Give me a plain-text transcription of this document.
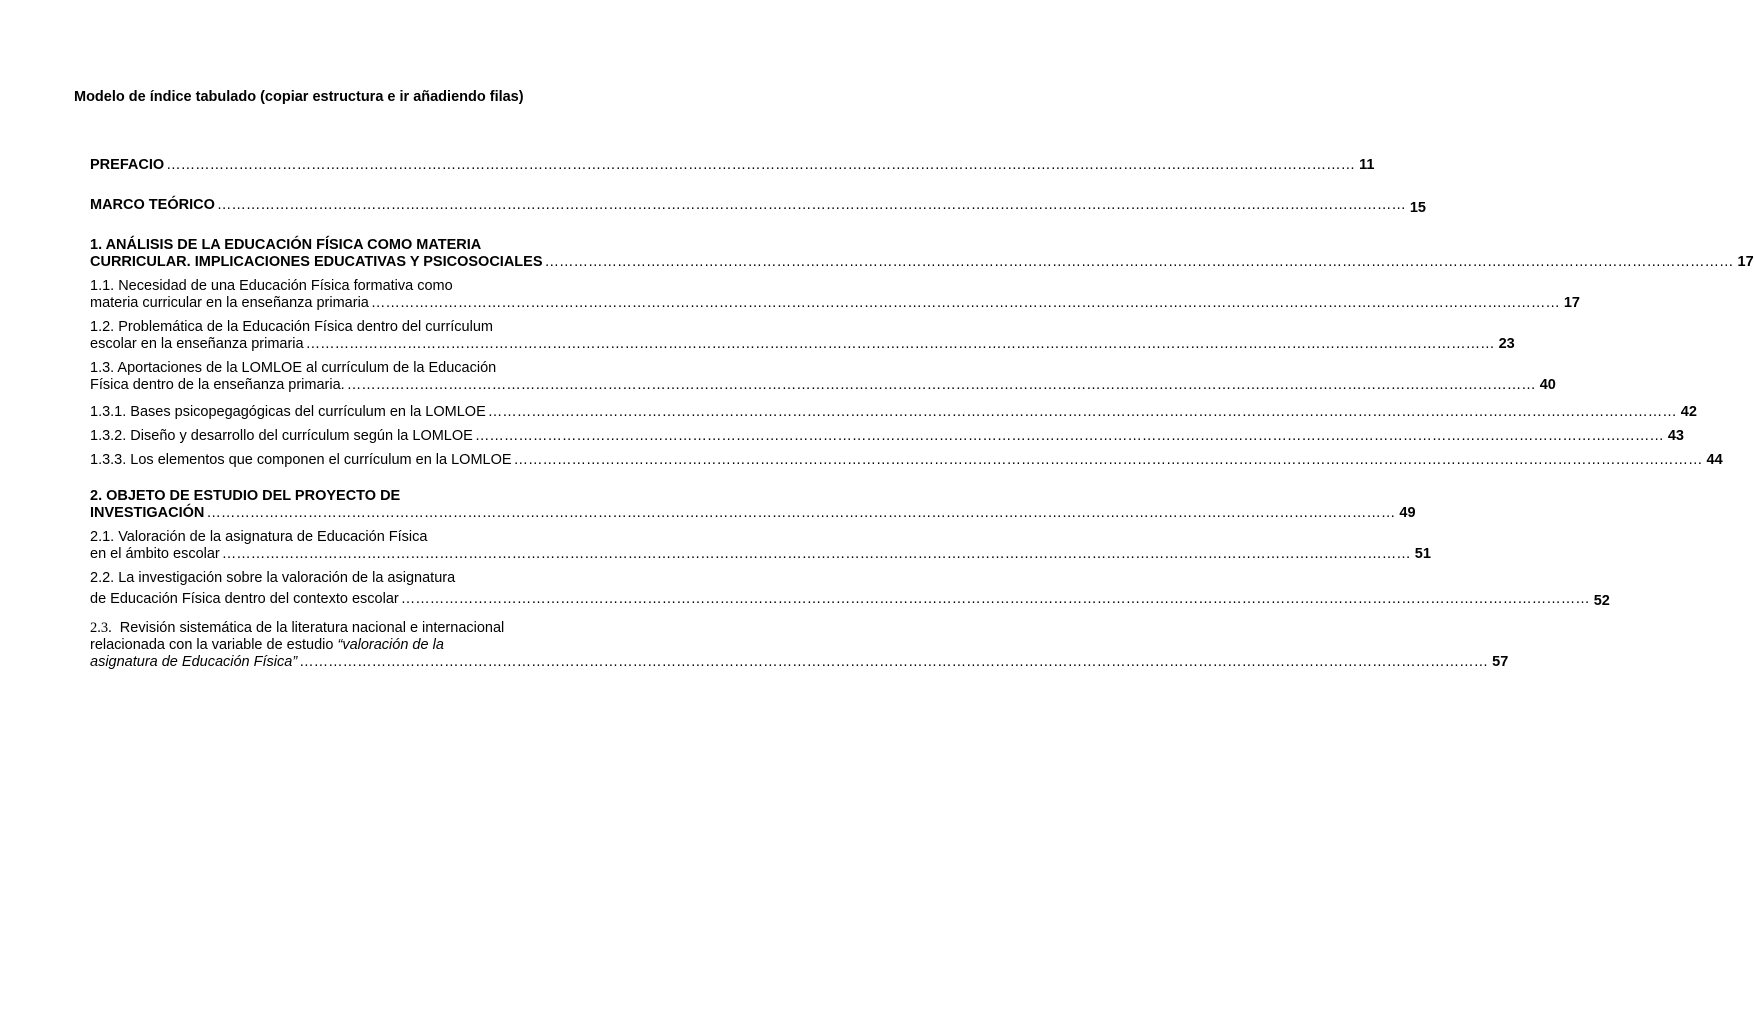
Modelo de índice tabulado (copiar estructura e ir añadiendo filas)
PREFACIO ………………………………………………………………………………………………………………………………………………………………………………………………………………………… 11
MARCO TEÓRICO ………………………………………………………………………………………………………………………………………………………………………………………………………………………… 15
1. ANÁLISIS DE LA EDUCACIÓN FÍSICA COMO MATERIA
CURRICULAR. IMPLICACIONES EDUCATIVAS Y PSICOSOCIALES ………………………………………………………………………………………………………………………………………………………………………………………………………………………… 17
1.1. Necesidad de una Educación Física formativa como
materia curricular en la enseñanza primaria ………………………………………………………………………………………………………………………………………………………………………………………………………………………… 17
1.2. Problemática de la Educación Física dentro del currículum
escolar en la enseñanza primaria ………………………………………………………………………………………………………………………………………………………………………………………………………………………… 23
1.3. Aportaciones de la LOMLOE al currículum de la Educación
Física dentro de la enseñanza primaria. ………………………………………………………………………………………………………………………………………………………………………………………………………………………… 40
1.3.1. Bases psicopegagógicas del currículum en la LOMLOE ………………………………………………………………………………………………………………………………………………………………………………………………………………………… 42
1.3.2. Diseño y desarrollo del currículum según la LOMLOE ………………………………………………………………………………………………………………………………………………………………………………………………………………………… 43
1.3.3. Los elementos que componen el currículum en la LOMLOE ………………………………………………………………………………………………………………………………………………………………………………………………………………………… 44
2. OBJETO DE ESTUDIO DEL PROYECTO DE
INVESTIGACIÓN ………………………………………………………………………………………………………………………………………………………………………………………………………………………… 49
2.1. Valoración de la asignatura de Educación Física
en el ámbito escolar ………………………………………………………………………………………………………………………………………………………………………………………………………………………… 51
2.2. La investigación sobre la valoración de la asignatura
de Educación Física dentro del contexto escolar ………………………………………………………………………………………………………………………………………………………………………………………………………………………… 52
2.3.  Revisión sistemática de la literatura nacional e internacional
relacionada con la variable de estudio “valoración de la
asignatura de Educación Física” ………………………………………………………………………………………………………………………………………………………………………………………………………………………… 57
